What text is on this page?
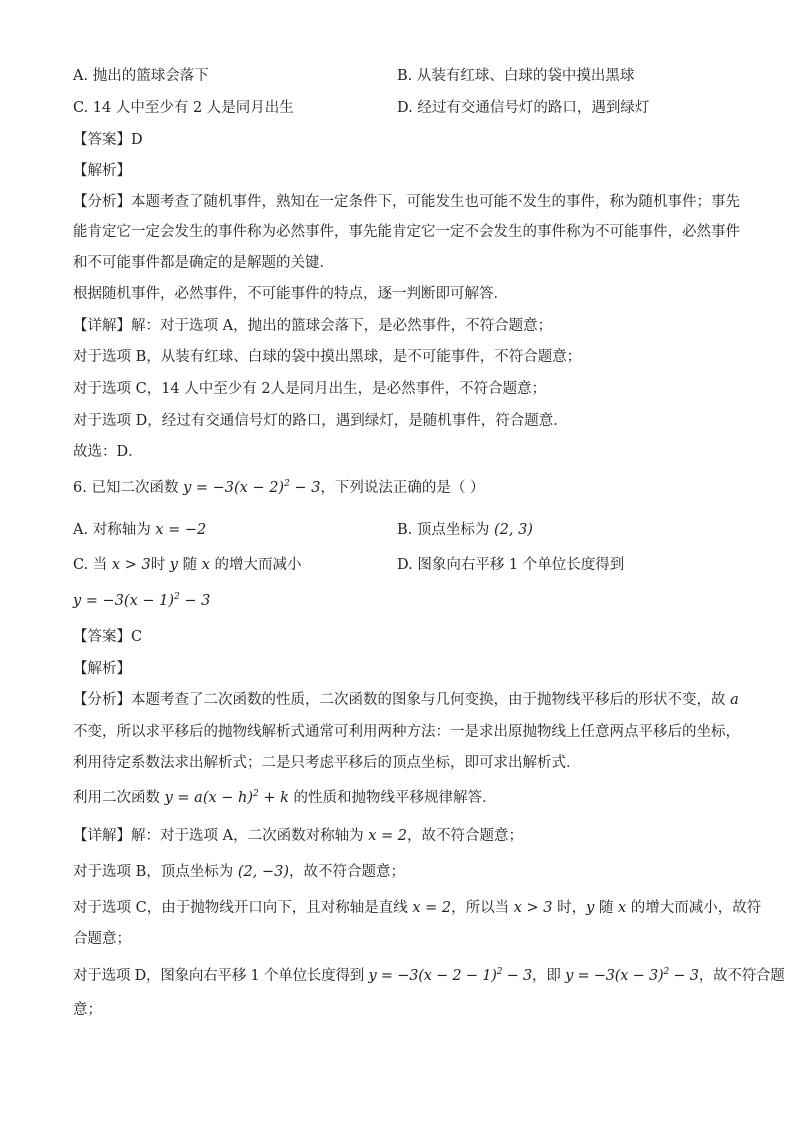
A. 抛出的篮球会落下	B. 从装有红球、白球的袋中摸出黑球
C. 14 人中至少有 2 人是同月出生	D. 经过有交通信号灯的路口，遇到绿灯
【答案】D
【解析】
【分析】本题考查了随机事件，熟知在一定条件下，可能发生也可能不发生的事件，称为随机事件；事先
能肯定它一定会发生的事件称为必然事件，事先能肯定它一定不会发生的事件称为不可能事件，必然事件
和不可能事件都是确定的是解题的关键．
根据随机事件，必然事件，不可能事件的特点，逐一判断即可解答．
【详解】解：对于选项 A，抛出的篮球会落下，是必然事件，不符合题意；
对于选项 B，从装有红球、白球的袋中摸出黑球，是不可能事件，不符合题意；
对于选项 C，14 人中至少有 2人是同月出生，是必然事件，不符合题意；
对于选项 D，经过有交通信号灯的路口，遇到绿灯，是随机事件，符合题意．
故选：D．
6. 已知二次函数 $y = -3(x - 2)^2 - 3$，下列说法正确的是（ ）
A. 对称轴为 x = −2	B. 顶点坐标为 (2, 3)
C. 当 x > 3时 y 随 x 的增大而减小	D. 图象向右平移 1 个单位长度得到
$y = -3(x - 1)^2 - 3$
【答案】C
【解析】
【分析】本题考查了二次函数的性质，二次函数的图象与几何变换，由于抛物线平移后的形状不变，故 a
不变，所以求平移后的抛物线解析式通常可利用两种方法：一是求出原抛物线上任意两点平移后的坐标，
利用待定系数法求出解析式；二是只考虑平移后的顶点坐标，即可求出解析式．
利用二次函数 $y = a(x - h)^2 + k$ 的性质和抛物线平移规律解答．
【详解】解：对于选项 A，二次函数对称轴为 x = 2，故不符合题意；
对于选项 B，顶点坐标为 (2, −3)，故不符合题意；
对于选项 C，由于抛物线开口向下，且对称轴是直线 x = 2，所以当 x > 3 时，y 随 x 的增大而减小，故符
合题意；
对于选项 D，图象向右平移 1 个单位长度得到 $y = -3(x - 2 - 1)^2 - 3$，即 $y = -3(x - 3)^2 - 3$，故不符合题
意；
